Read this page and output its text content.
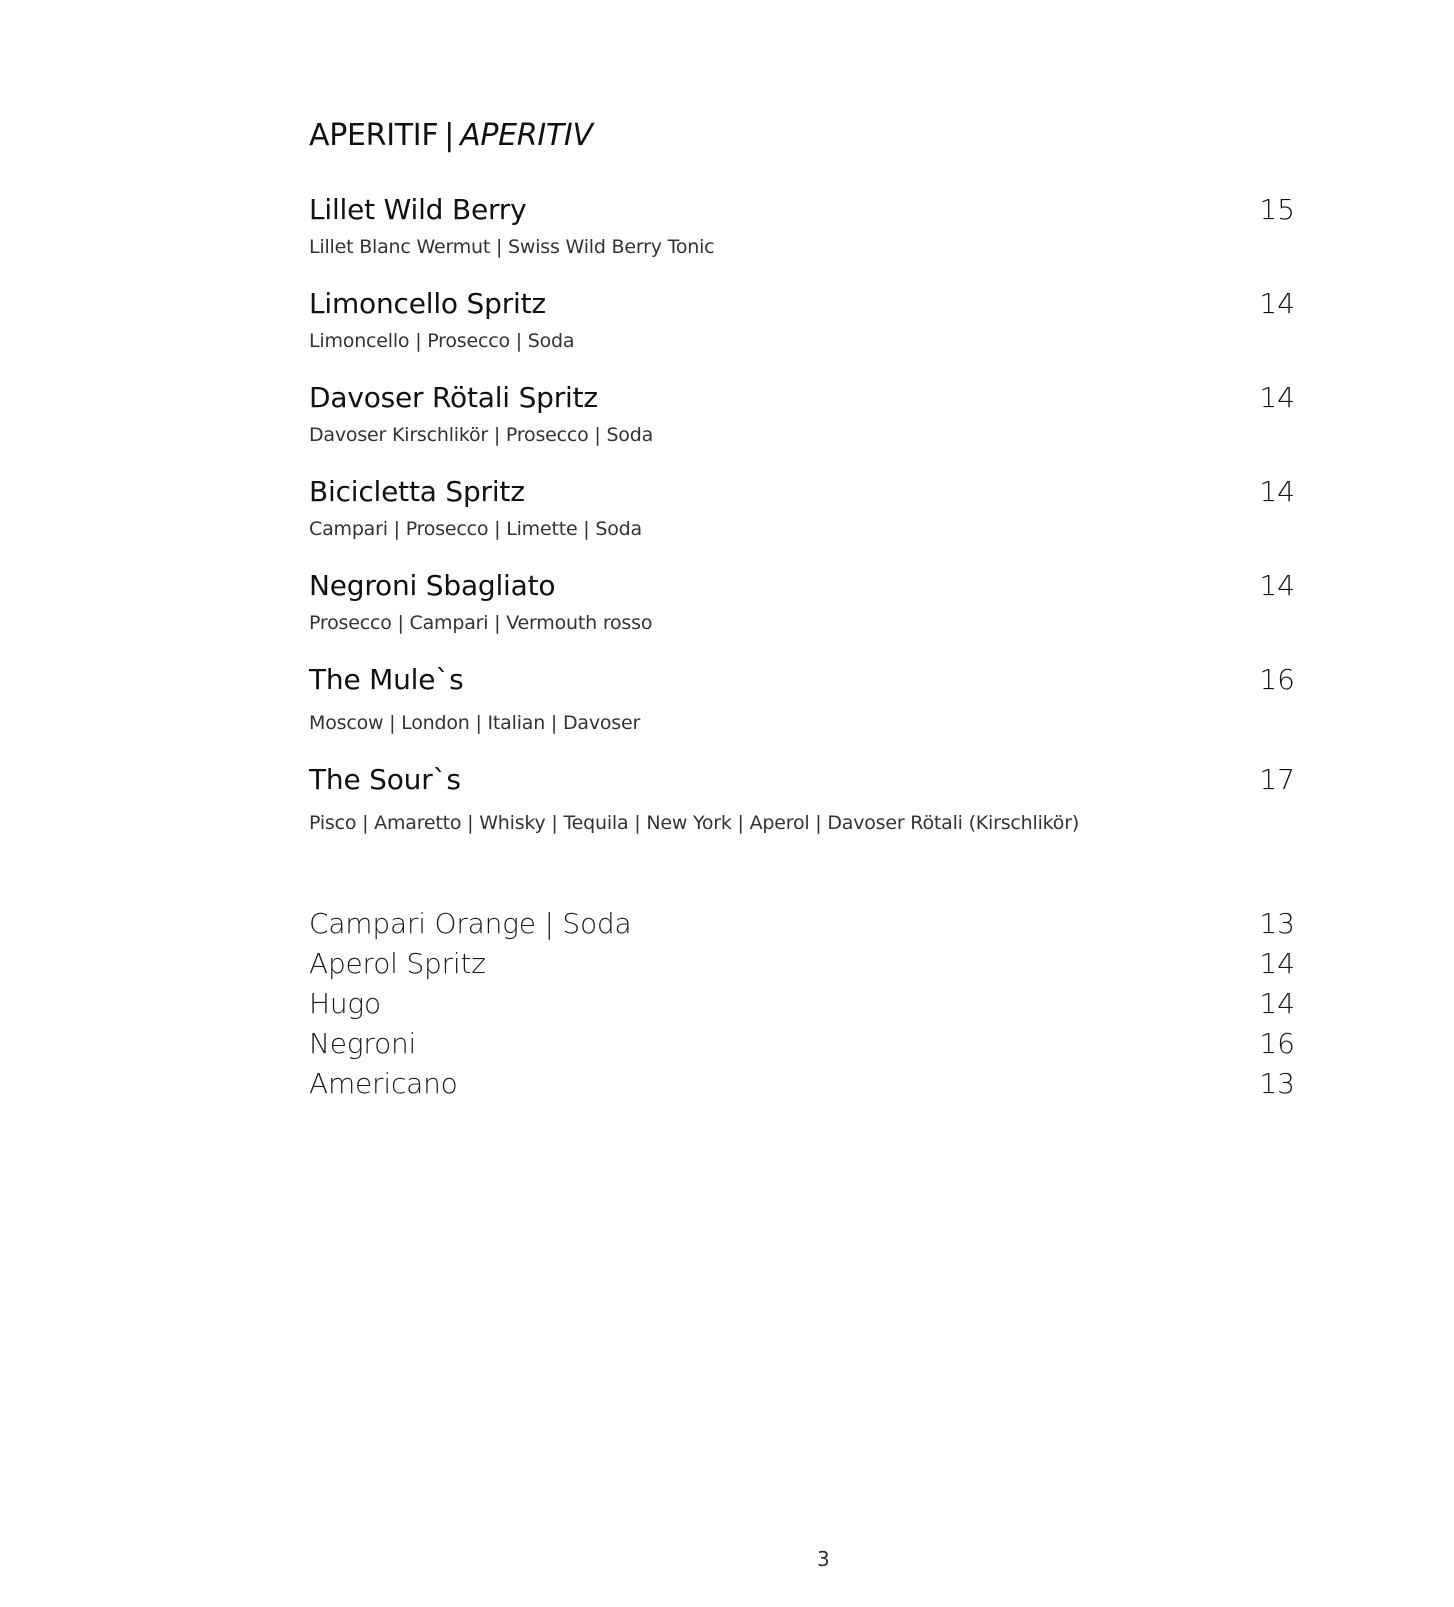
APERITIF | APERITIV
Lillet Wild Berry	15
Lillet Blanc Wermut | Swiss Wild Berry Tonic
Limoncello Spritz	14
Limoncello | Prosecco | Soda
Davoser Rötali Spritz	14
Davoser Kirschlikör | Prosecco | Soda
Bicicletta Spritz	14
Campari | Prosecco | Limette | Soda
Negroni Sbagliato	14
Prosecco | Campari | Vermouth rosso
The Mule`s	16
Moscow | London | Italian | Davoser
The Sour`s	17
Pisco | Amaretto | Whisky | Tequila | New York | Aperol | Davoser Rötali (Kirschlikör)
Campari Orange | Soda	13
Aperol Spritz	14
Hugo	14
Negroni	16
Americano	13
3
